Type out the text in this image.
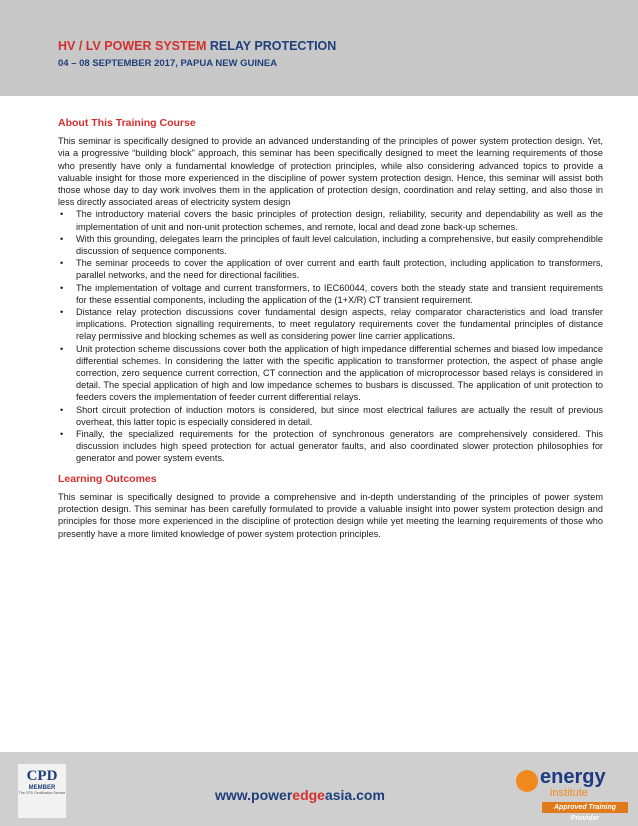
HV / LV POWER SYSTEM RELAY PROTECTION
04 – 08 SEPTEMBER 2017, PAPUA NEW GUINEA
About This Training Course

This seminar is specifically designed to provide an advanced understanding of the principles of power system protection design. Yet, via a progressive “building block” approach, this seminar has been specifically designed to meet the learning requirements of those who presently have only a fundamental knowledge of protection principles, while also considering advanced topics to provide a valuable insight for those more experienced in the discipline of power system protection design. Hence, this seminar will assist both those whose day to day work involves them in the application of protection design, coordination and relay setting, and also those in less directly associated areas of electricity system design

• The introductory material covers the basic principles of protection design, reliability, security and dependability as well as the implementation of unit and non-unit protection schemes, and remote, local and dead zone back-up schemes.
• With this grounding, delegates learn the principles of fault level calculation, including a comprehensive, but easily comprehendible discussion of sequence components.
• The seminar proceeds to cover the application of over current and earth fault protection, including application to transformers, parallel networks, and the need for directional facilities.
• The implementation of voltage and current transformers, to IEC60044, covers both the steady state and transient requirements for these essential components, including the application of the (1+X/R) CT transient requirement.
• Distance relay protection discussions cover fundamental design aspects, relay comparator characteristics and load transfer implications. Protection signalling requirements, to meet regulatory requirements cover the fundamental principles of distance relay permissive and blocking schemes as well as considering power line carrier applications.
• Unit protection scheme discussions cover both the application of high impedance differential schemes and biased low impedance differential schemes. In considering the latter with the specific application to transformer protection, the aspect of phase angle correction, zero sequence current correction, CT connection and the application of microprocessor based relays is considered in detail. The special application of high and low impedance schemes to busbars is discussed. The application of unit protection to feeders covers the implementation of feeder current differential relays.
• Short circuit protection of induction motors is considered, but since most electrical failures are actually the result of previous overheat, this latter topic is especially considered in detail.
• Finally, the specialized requirements for the protection of synchronous generators are comprehensively considered. This discussion includes high speed protection for actual generator faults, and also coordinated slower protection philosophies for generator and power system events.
Learning Outcomes

This seminar is specifically designed to provide a comprehensive and in-depth understanding of the principles of power system protection design. This seminar has been carefully formulated to provide a valuable insight into power system protection design and principles for those more experienced in the discipline of protection design while yet meeting the learning requirements of those who presently have a more limited knowledge of power system protection principles.

CPD
MEMBER
The CPD Certification Service	www.poweredgeasia.com
energy
institute
Approved Training Provider
